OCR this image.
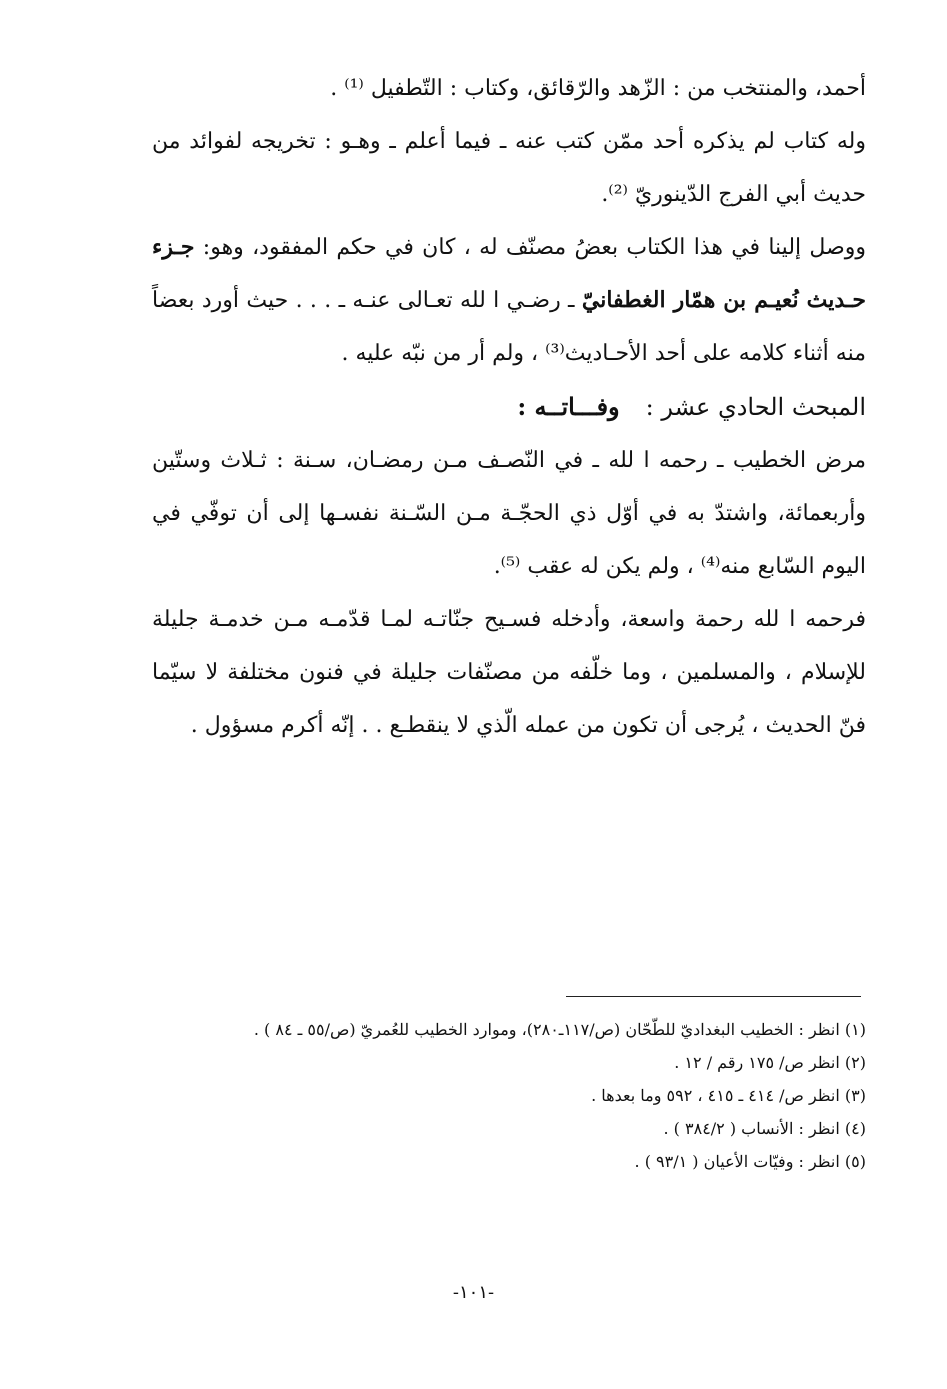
أحمد، والمنتخب من : الزّهد والرّقائق، وكتاب : التّطفيل ⁽¹⁾ .

وله كتاب لم يذكره أحد ممّن كتب عنه ـ فيما أعلم ـ وهـو : تخريجه لفوائد من حديث أبي الفرج الدّينوريّ ⁽²⁾.

ووصل إلينا في هذا الكتاب بعضُ مصنّف له ، كان في حكم المفقود، وهو: جـزء حـديث نُعيـم بن همّار الغطفانيّ ـ رضـي ا لله تعـالى عنـه ـ . . . حيث أورد بعضاً منه أثناء كلامه على أحد الأحـاديث⁽³⁾ ، ولم أر من نبّه عليه .

المبحث الحادي عشر :وفـــاتــه :

مرض الخطيب ـ رحمه ا لله ـ في النّصـف مـن رمضـان، سـنة : ثـلاث وستّين وأربعمائة، واشتدّ به في أوّل ذي الحجّـة مـن السّـنة نفسـها إلى أن توفّي في اليوم السّابع منه⁽⁴⁾ ، ولم يكن له عقب ⁽⁵⁾.

فرحمه ا لله رحمة واسعة، وأدخله فسـيح جنّاتـه لمـا قدّمـه مـن خدمـة جليلة للإسلام ، والمسلمين ، وما خلّفه من مصنّفات جليلة في فنون مختلفة لا سيّما فنّ الحديث ، يُرجى أن تكون من عمله الّذي لا ينقطـع . . إنّه أكرم مسؤول .

(١) انظر : الخطيب البغداديّ للطّحّان (ص/١١٧ـ٢٨٠)، وموارد الخطيب للعُمريّ (ص/٥٥ ـ ٨٤ ) .

(٢) انظر ص/ ١٧٥ رقم / ١٢ .

(٣) انظر ص/ ٤١٤ ـ ٤١٥ ، ٥٩٢ وما بعدها .

(٤) انظر : الأنساب ( ٣٨٤/٢ ) .

(٥) انظر : وفيّات الأعيان ( ٩٣/١ ) .

-١٠١-
